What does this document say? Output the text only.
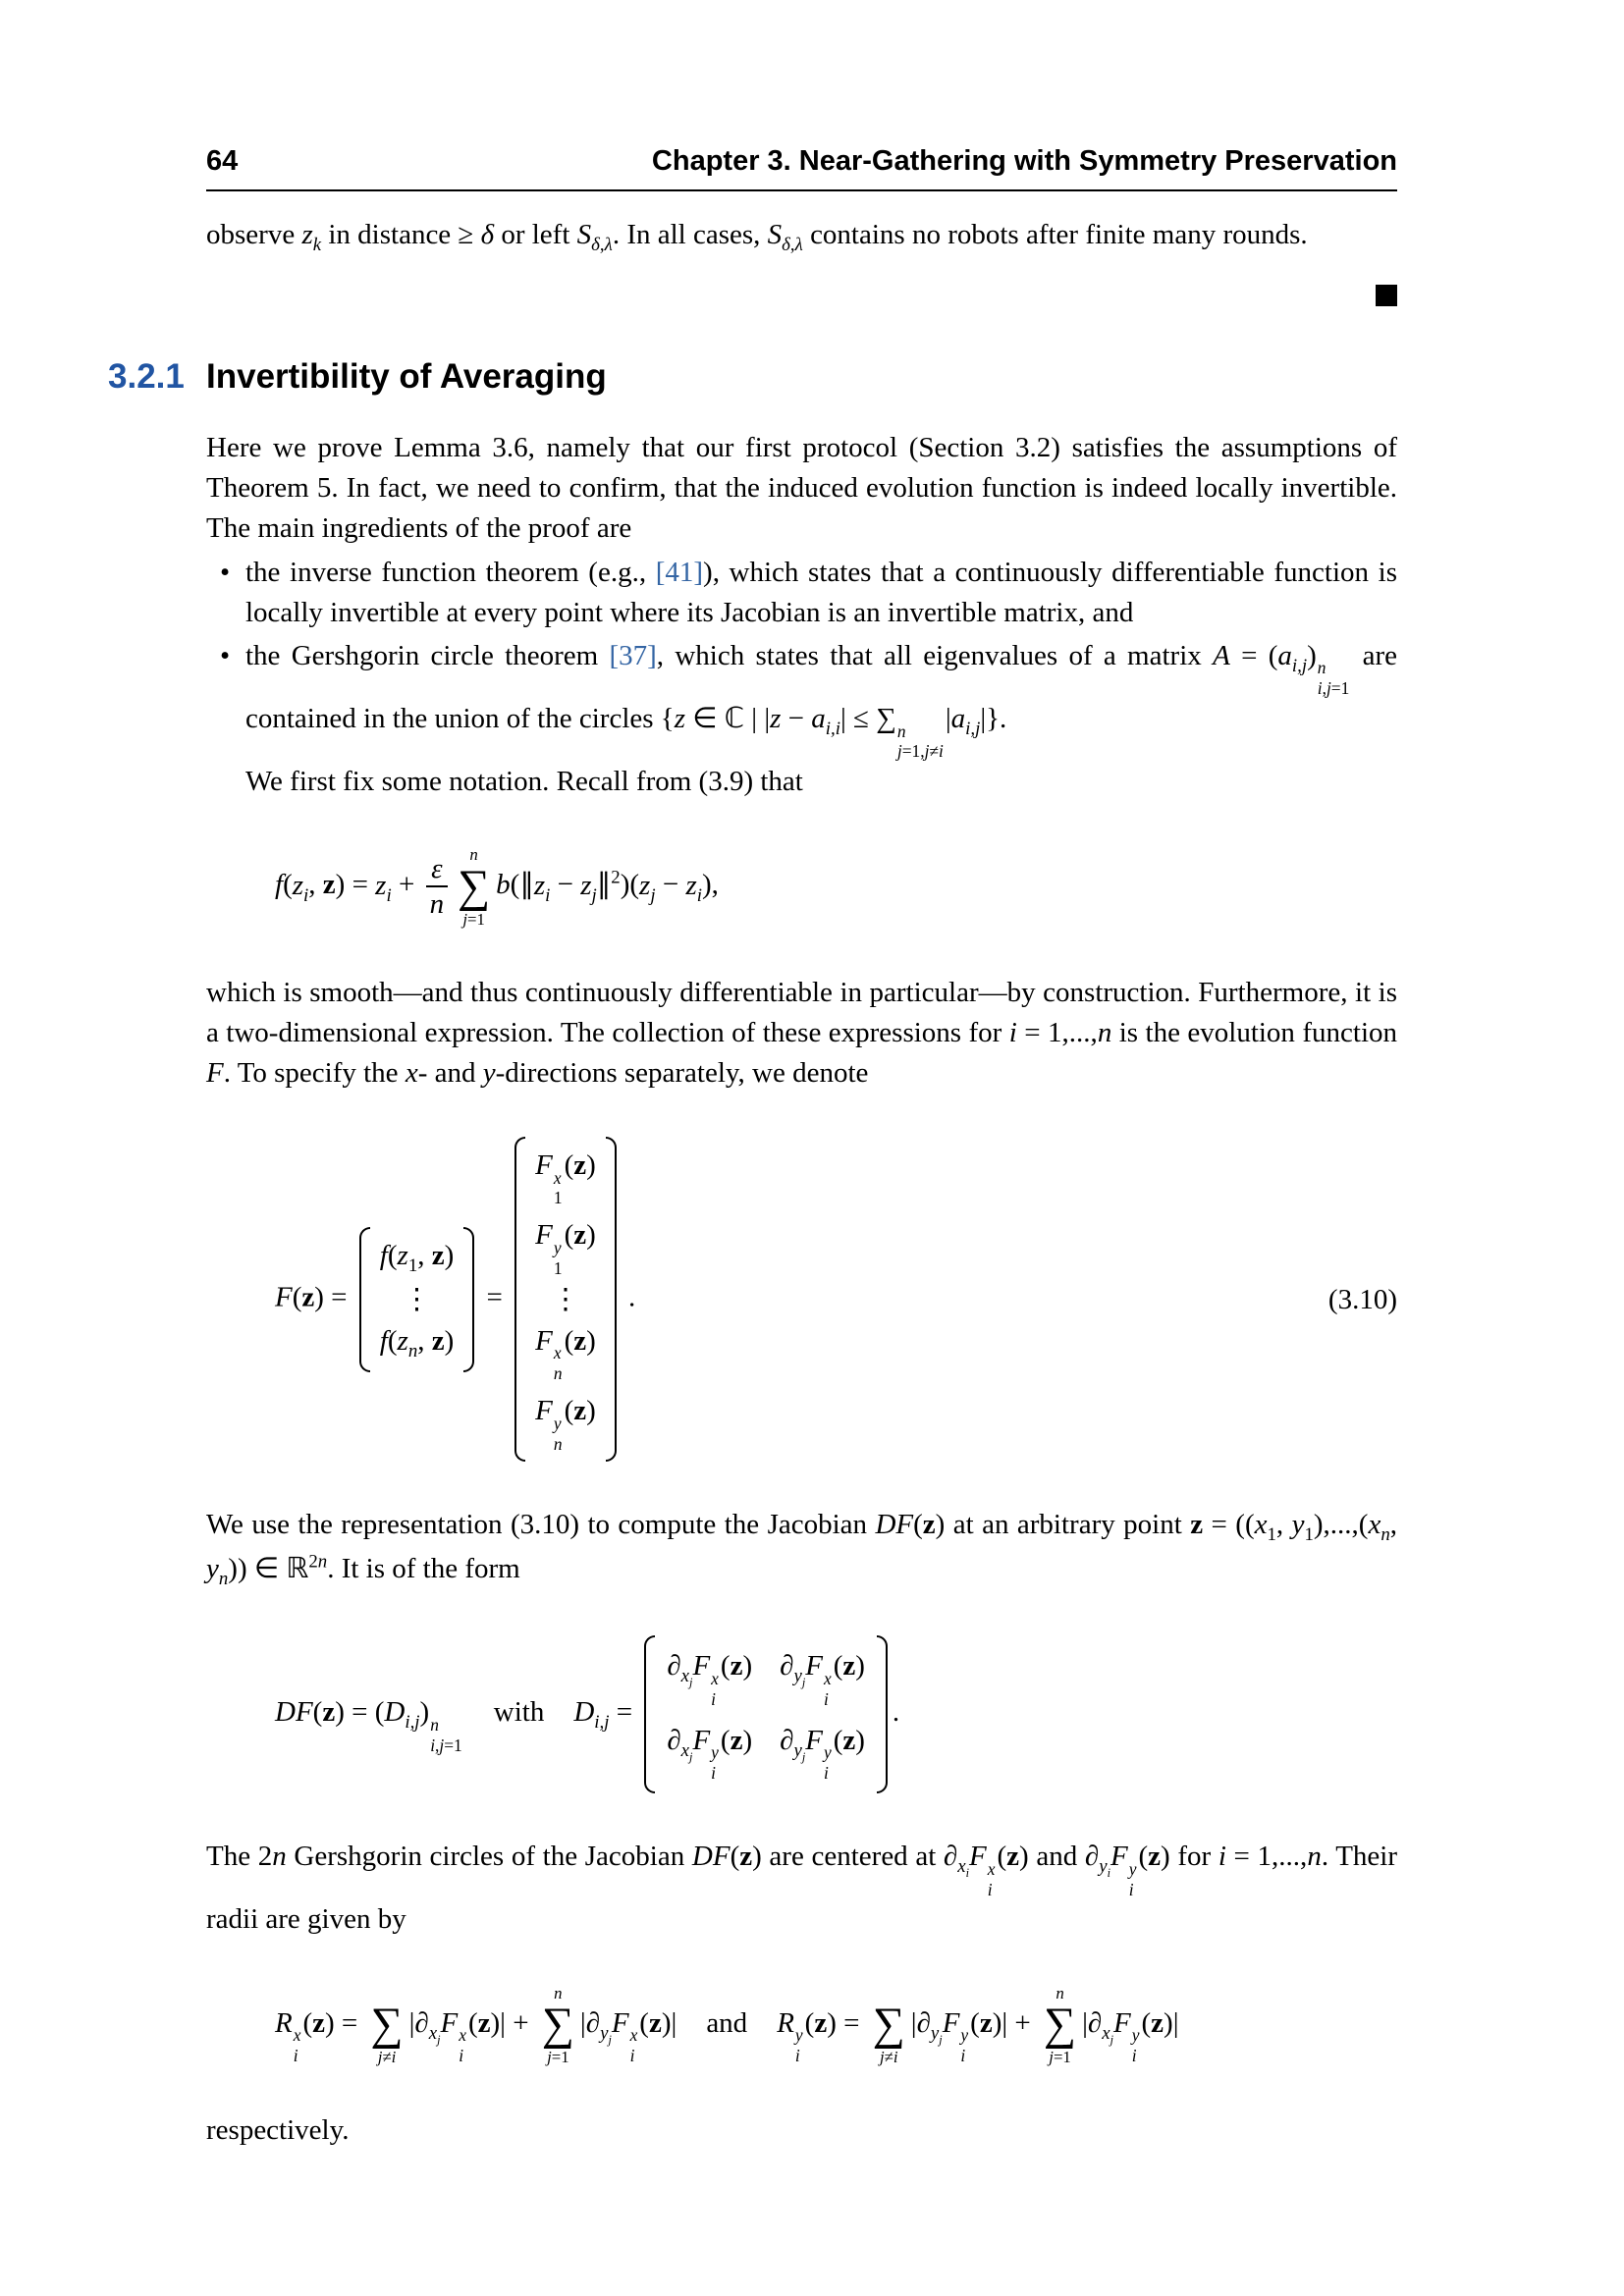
64	Chapter 3. Near-Gathering with Symmetry Preservation

observe $z_k$ in distance ≥ δ or left $S_{\delta,\lambda}$. In all cases, $S_{\delta,\lambda}$ contains no robots after finite many rounds.

3.2.1 Invertibility of Averaging

Here we prove Lemma 3.6, namely that our first protocol (Section 3.2) satisfies the assumptions of Theorem 5. In fact, we need to confirm, that the induced evolution function is indeed locally invertible. The main ingredients of the proof are

• the inverse function theorem (e.g., [41]), which states that a continuously differentiable function is locally invertible at every point where its Jacobian is an invertible matrix, and
• the Gershgorin circle theorem [37], which states that all eigenvalues of a matrix $A = (a_{i,j})$ n
i,j=1
are contained in the union of the circles {z ∈ ℂ | $|z - a_{i,i}|$ ≤ ∑ n
j=1,j≠i
$|a_{i,j}|$}.

We first fix some notation. Recall from (3.9) that

$f(z_i$, $z) = z_i + \frac{\varepsilon}{n}$ n
∑
j=1
$b(\parallel z_i$ − $z_j\parallel^2)(z_j - z_i)$,

which is smooth—and thus continuously differentiable in particular—by construction. Furthermore, it is a two-dimensional expression. The collection of these expressions for i = 1,...,n is the evolution function F. To specify the x- and y-directions separately, we denote

F(z) =
$f(z_1$, z)
⋮
$f(z_n$, z)
=
F x
1
(z)
F y
1
(z)
⋮
F x
n
(z)
F y
n
(z)
.	(3.10)

We use the representation (3.10) to compute the Jacobian DF(z) at an arbitrary point $z = ((x_1$, $y_1),...,(x_n$, $y_n$)) ∈ ℝ$^{2n}$. It is of the form

$DF(z) = (D_{i,j})$ n
i,j=1
with $D_{i,j}$ =
$\partial_{x_j}F$ x
i
(z) $\partial_{y_j}F$ x
i
(z)
$\partial_{x_j}F$ y
i
(z) $\partial_{y_j}F$ y
i
(z)
.

The 2n Gershgorin circles of the Jacobian DF(z) are centered at $\partial_{x_i}F$ x
i
(z) and $\partial_{y_i}F$ y
i
(z) for i = 1,...,n. Their radii are given by

R x
i
(z) = ∑
j≠i
$|\partial_{x_j}F$ x
i
(z)| +
n
∑
j=1
$|\partial_{y_j}F$ x
i
(z)| and R y
i
(z) = ∑
j≠i
$|\partial_{y_j}F$ y
i
(z)| +
n
∑
j=1
$|\partial_{x_j}F$ y
i
(z)|

respectively.
